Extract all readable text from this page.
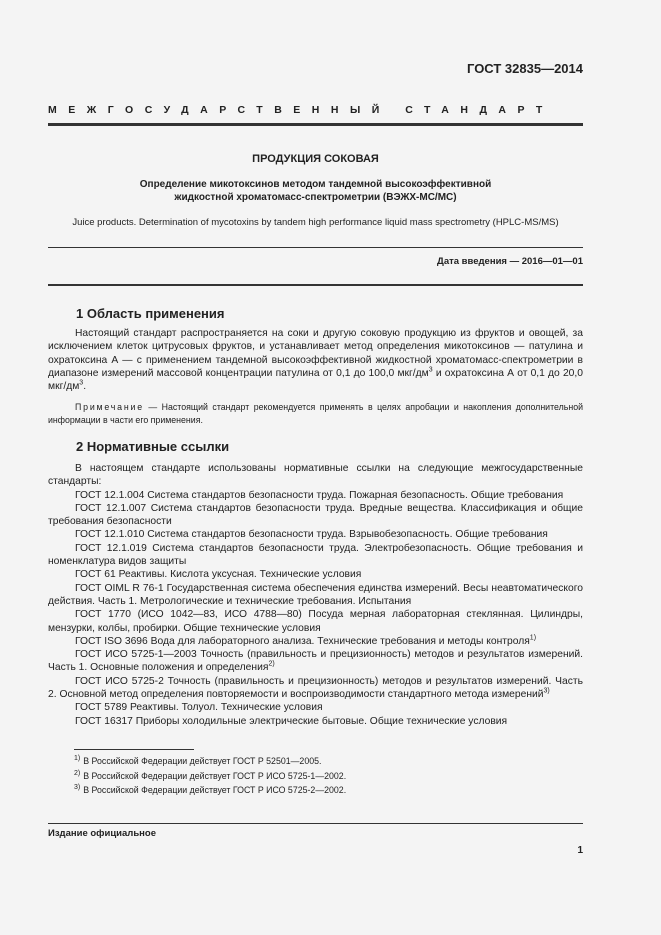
ГОСТ 32835—2014
МЕЖГОСУДАРСТВЕННЫЙ СТАНДАРТ
ПРОДУКЦИЯ СОКОВАЯ
Определение микотоксинов методом тандемной высокоэффективной
жидкостной хроматомасс-спектрометрии (ВЭЖХ-МС/МС)
Juice products. Determination of mycotoxins by tandem high performance liquid mass spectrometry (HPLC-MS/MS)
Дата введения — 2016—01—01
1 Область применения

Настоящий стандарт распространяется на соки и другую соковую продукцию из фруктов и овощей, за исключением клеток цитрусовых фруктов, и устанавливает метод определения микотоксинов — патулина и охратоксина А — с применением тандемной высокоэффективной жидкостной хроматомасс-спектрометрии в диапазоне измерений массовой концентрации патулина от 0,1 до 100,0 мкг/$дм^3$ и охратоксина А от 0,1 до 20,0 мкг/$дм^3$.

Примечание — Настоящий стандарт рекомендуется применять в целях апробации и накопления дополнительной информации в части его применения.

2 Нормативные ссылки

В настоящем стандарте использованы нормативные ссылки на следующие межгосударственные стандарты:

ГОСТ 12.1.004 Система стандартов безопасности труда. Пожарная безопасность. Общие требования

ГОСТ 12.1.007 Система стандартов безопасности труда. Вредные вещества. Классификация и общие требования безопасности

ГОСТ 12.1.010 Система стандартов безопасности труда. Взрывобезопасность. Общие требования

ГОСТ 12.1.019 Система стандартов безопасности труда. Электробезопасность. Общие требования и номенклатура видов защиты

ГОСТ 61 Реактивы. Кислота уксусная. Технические условия

ГОСТ OIML R 76-1 Государственная система обеспечения единства измерений. Весы неавтоматического действия. Часть 1. Метрологические и технические требования. Испытания

ГОСТ 1770 (ИСО 1042—83, ИСО 4788—80) Посуда мерная лабораторная стеклянная. Цилиндры, мензурки, колбы, пробирки. Общие технические условия

ГОСТ ISO 3696 Вода для лабораторного анализа. Технические требования и методы контроля$^{1)}$

ГОСТ ИСО 5725-1—2003 Точность (правильность и прецизионность) методов и результатов измерений. Часть 1. Основные положения и определения$^{2)}$

ГОСТ ИСО 5725-2 Точность (правильность и прецизионность) методов и результатов измерений. Часть 2. Основной метод определения повторяемости и воспроизводимости стандартного метода измерений$^{3)}$

ГОСТ 5789 Реактивы. Толуол. Технические условия

ГОСТ 16317 Приборы холодильные электрические бытовые. Общие технические условия

$^{1)}$ В Российской Федерации действует ГОСТ Р 52501—2005.
$^{2)}$ В Российской Федерации действует ГОСТ Р ИСО 5725-1—2002.
$^{3)}$ В Российской Федерации действует ГОСТ Р ИСО 5725-2—2002.
Издание официальное
1
